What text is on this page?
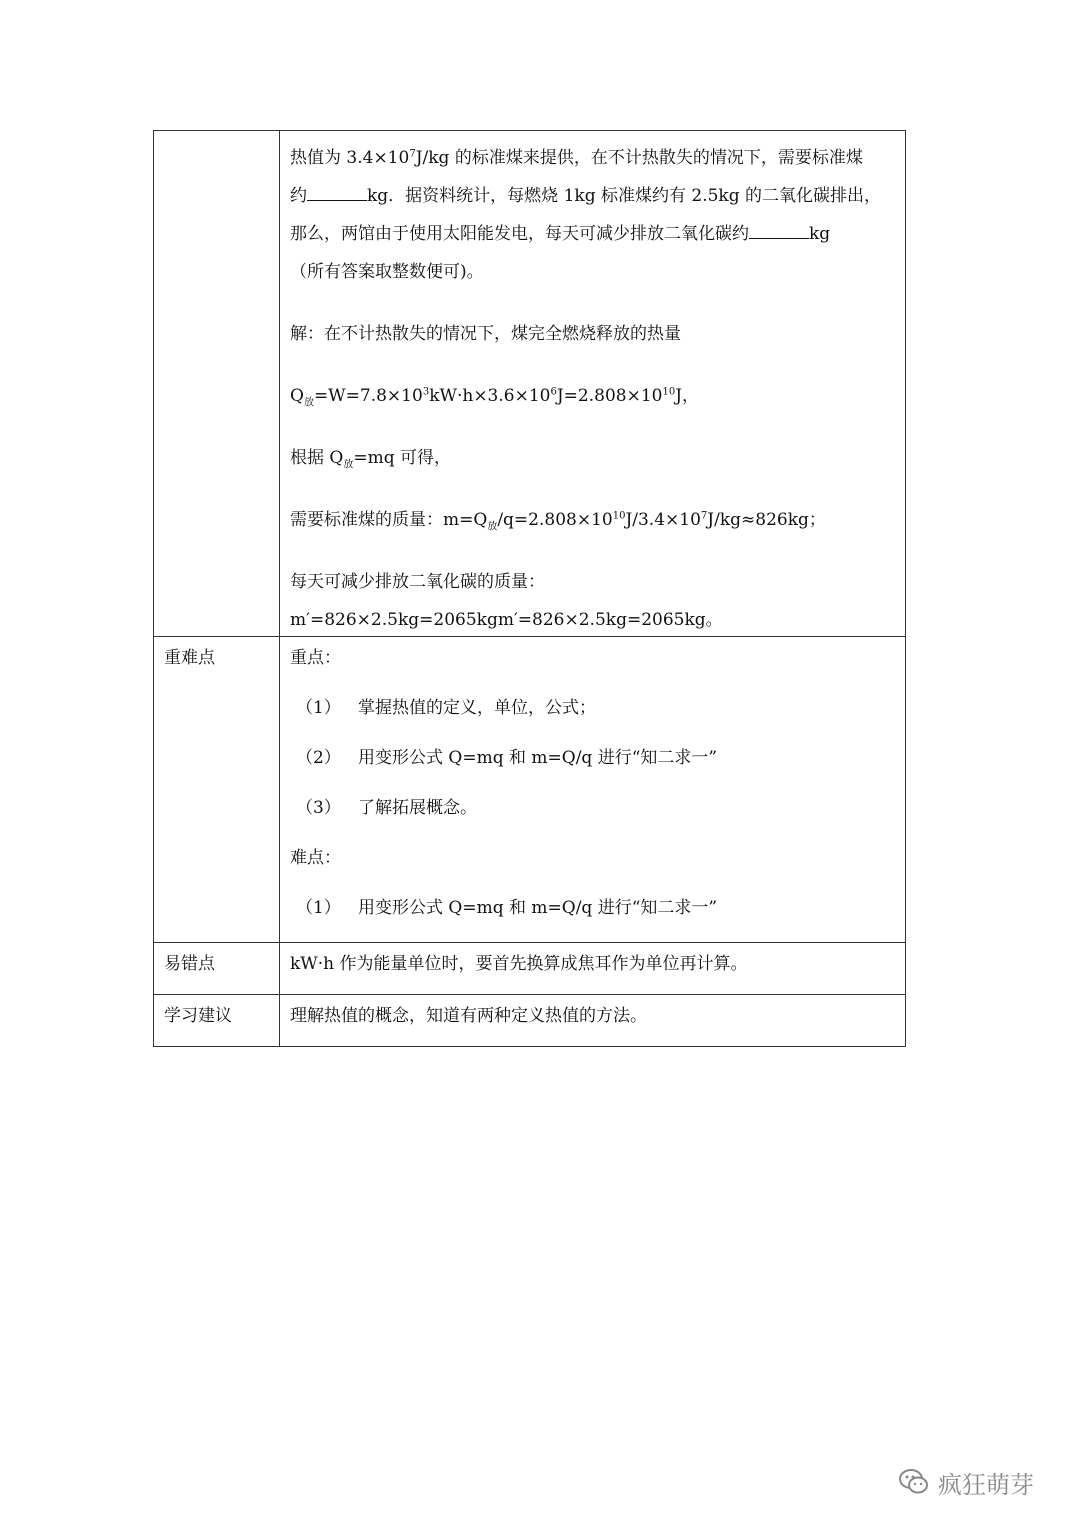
热值为 $3.4\times 10^7J/kg$ 的标准煤来提供，在不计热散失的情况下，需要标准煤
约	kg．据资料统计，每燃烧 1kg 标准煤约有 2.5kg 的二氧化碳排出，
那么，两馆由于使用太阳能发电，每天可减少排放二氧化碳约	kg
（所有答案取整数便可)。
解：在不计热散失的情况下，煤完全燃烧释放的热量
$Q_放=W=7.8\times 10^3kW\cdot h\times 3.6\times 10^6J=2.808\times 10^{10}J$，
根据 $Q_放=mq$ 可得，
需要标准煤的质量：$m=Q_放/q=2.808\times 10^{10}J/3.4\times 10^7J/kg\approx 826kg$；
每天可减少排放二氧化碳的质量：
m′=826×2.5kg=2065kgm′=826×2.5kg=2065kg。
重难点	重点：
（1） 掌握热值的定义，单位，公式；
（2） 用变形公式 Q=mq 和 m=Q/q 进行“知二求一”
（3） 了解拓展概念。
难点：
（1） 用变形公式 Q=mq 和 m=Q/q 进行“知二求一”
易错点	kW·h 作为能量单位时，要首先换算成焦耳作为单位再计算。
学习建议	理解热值的概念，知道有两种定义热值的方法。
疯狂萌芽
